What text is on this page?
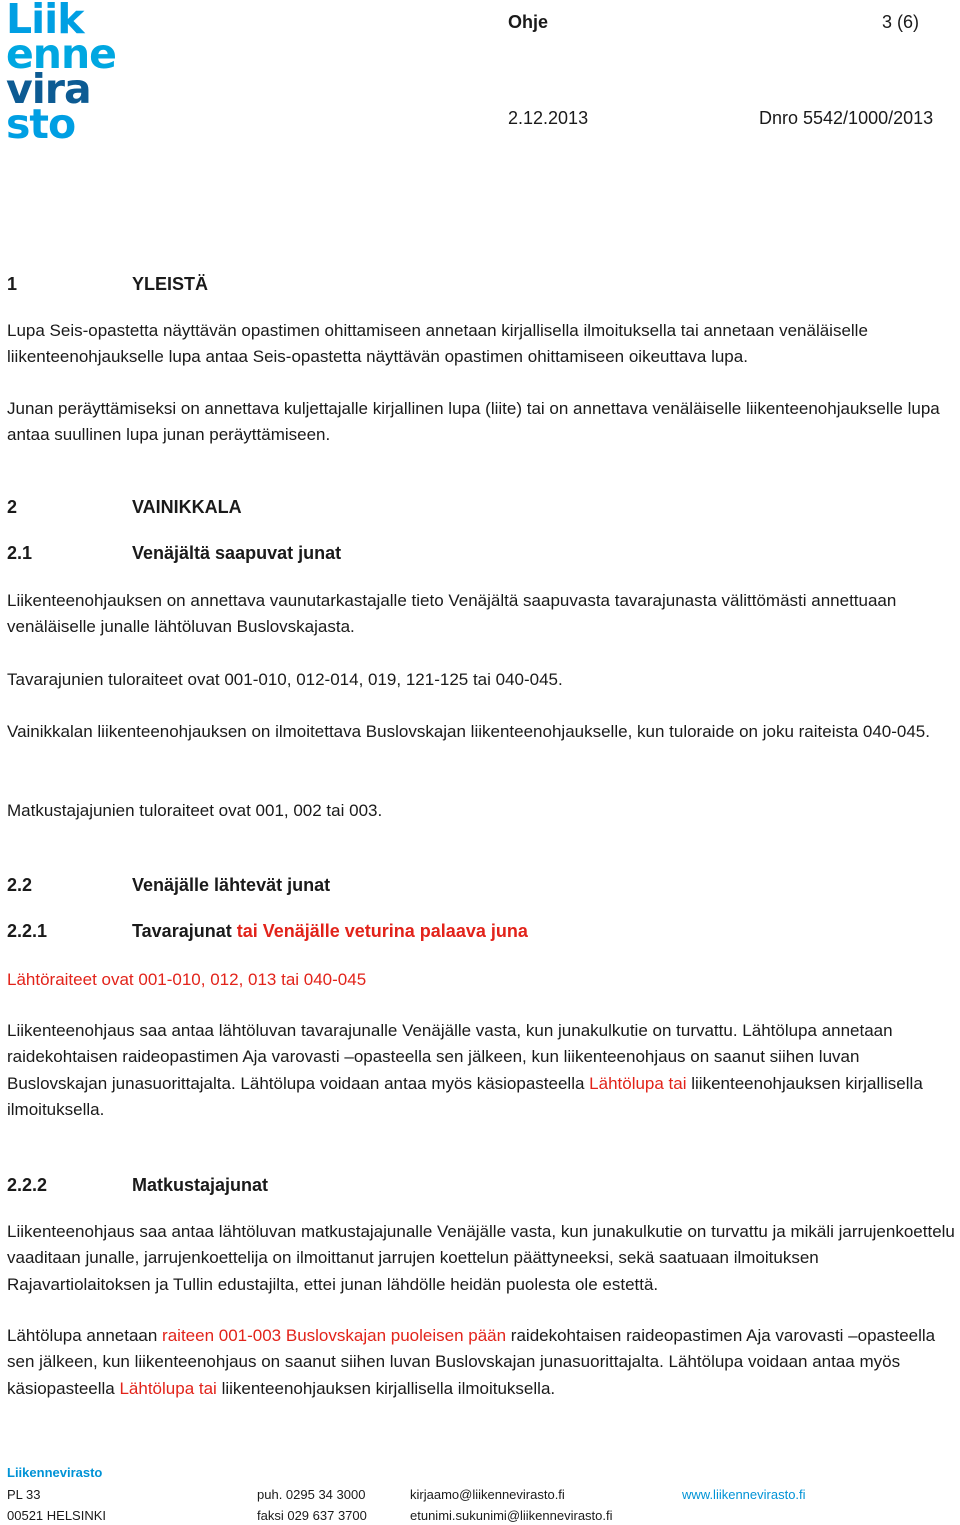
Liik
enne
vira
sto
Ohje	3 (6)
2.12.2013	Dnro 5542/1000/2013
1	YLEISTÄ

Lupa Seis-opastetta näyttävän opastimen ohittamiseen annetaan kirjallisella ilmoituksella tai annetaan venäläiselle liikenteenohjaukselle lupa antaa Seis-opastetta näyttävän opastimen ohittamiseen oikeuttava lupa.

Junan peräyttämiseksi on annettava kuljettajalle kirjallinen lupa (liite) tai on annettava venäläiselle liikenteenohjaukselle lupa antaa suullinen lupa junan peräyttämiseen.

2	VAINIKKALA
2.1	Venäjältä saapuvat junat

Liikenteenohjauksen on annettava vaunutarkastajalle tieto Venäjältä saapuvasta tavarajunasta välittömästi annettuaan venäläiselle junalle lähtöluvan Buslovskajasta.

Tavarajunien tuloraiteet ovat 001-010, 012-014, 019, 121-125 tai 040-045.

Vainikkalan liikenteenohjauksen on ilmoitettava Buslovskajan liikenteenohjaukselle, kun tuloraide on joku raiteista 040-045.

Matkustajajunien tuloraiteet ovat 001, 002 tai 003.

2.2	Venäjälle lähtevät junat
2.2.1	Tavarajunat tai Venäjälle veturina palaava juna

Lähtöraiteet ovat 001-010, 012, 013 tai 040-045

Liikenteenohjaus saa antaa lähtöluvan tavarajunalle Venäjälle vasta, kun junakulkutie on turvattu. Lähtölupa annetaan raidekohtaisen raideopastimen Aja varovasti –opasteella sen jälkeen, kun liikenteenohjaus on saanut siihen luvan Buslovskajan junasuorittajalta. Lähtölupa voidaan antaa myös käsiopasteella Lähtölupa tai liikenteenohjauksen kirjallisella ilmoituksella.

2.2.2	Matkustajajunat

Liikenteenohjaus saa antaa lähtöluvan matkustajajunalle Venäjälle vasta, kun junakulkutie on turvattu ja mikäli jarrujenkoettelu vaaditaan junalle, jarrujenkoettelija on ilmoittanut jarrujen koettelun päättyneeksi, sekä saatuaan ilmoituksen Rajavartiolaitoksen ja Tullin edustajilta, ettei junan lähdölle heidän puolesta ole estettä.

Lähtölupa annetaan raiteen 001-003 Buslovskajan puoleisen pään raidekohtaisen raideopastimen Aja varovasti –opasteella sen jälkeen, kun liikenteenohjaus on saanut siihen luvan Buslovskajan junasuorittajalta. Lähtölupa voidaan antaa myös käsiopasteella Lähtölupa tai liikenteenohjauksen kirjallisella ilmoituksella.

Liikennevirasto
PL 33
00521 HELSINKI
puh. 0295 34 3000
faksi 029 637 3700
kirjaamo@liikennevirasto.fi
etunimi.sukunimi@liikennevirasto.fi
www.liikennevirasto.fi
